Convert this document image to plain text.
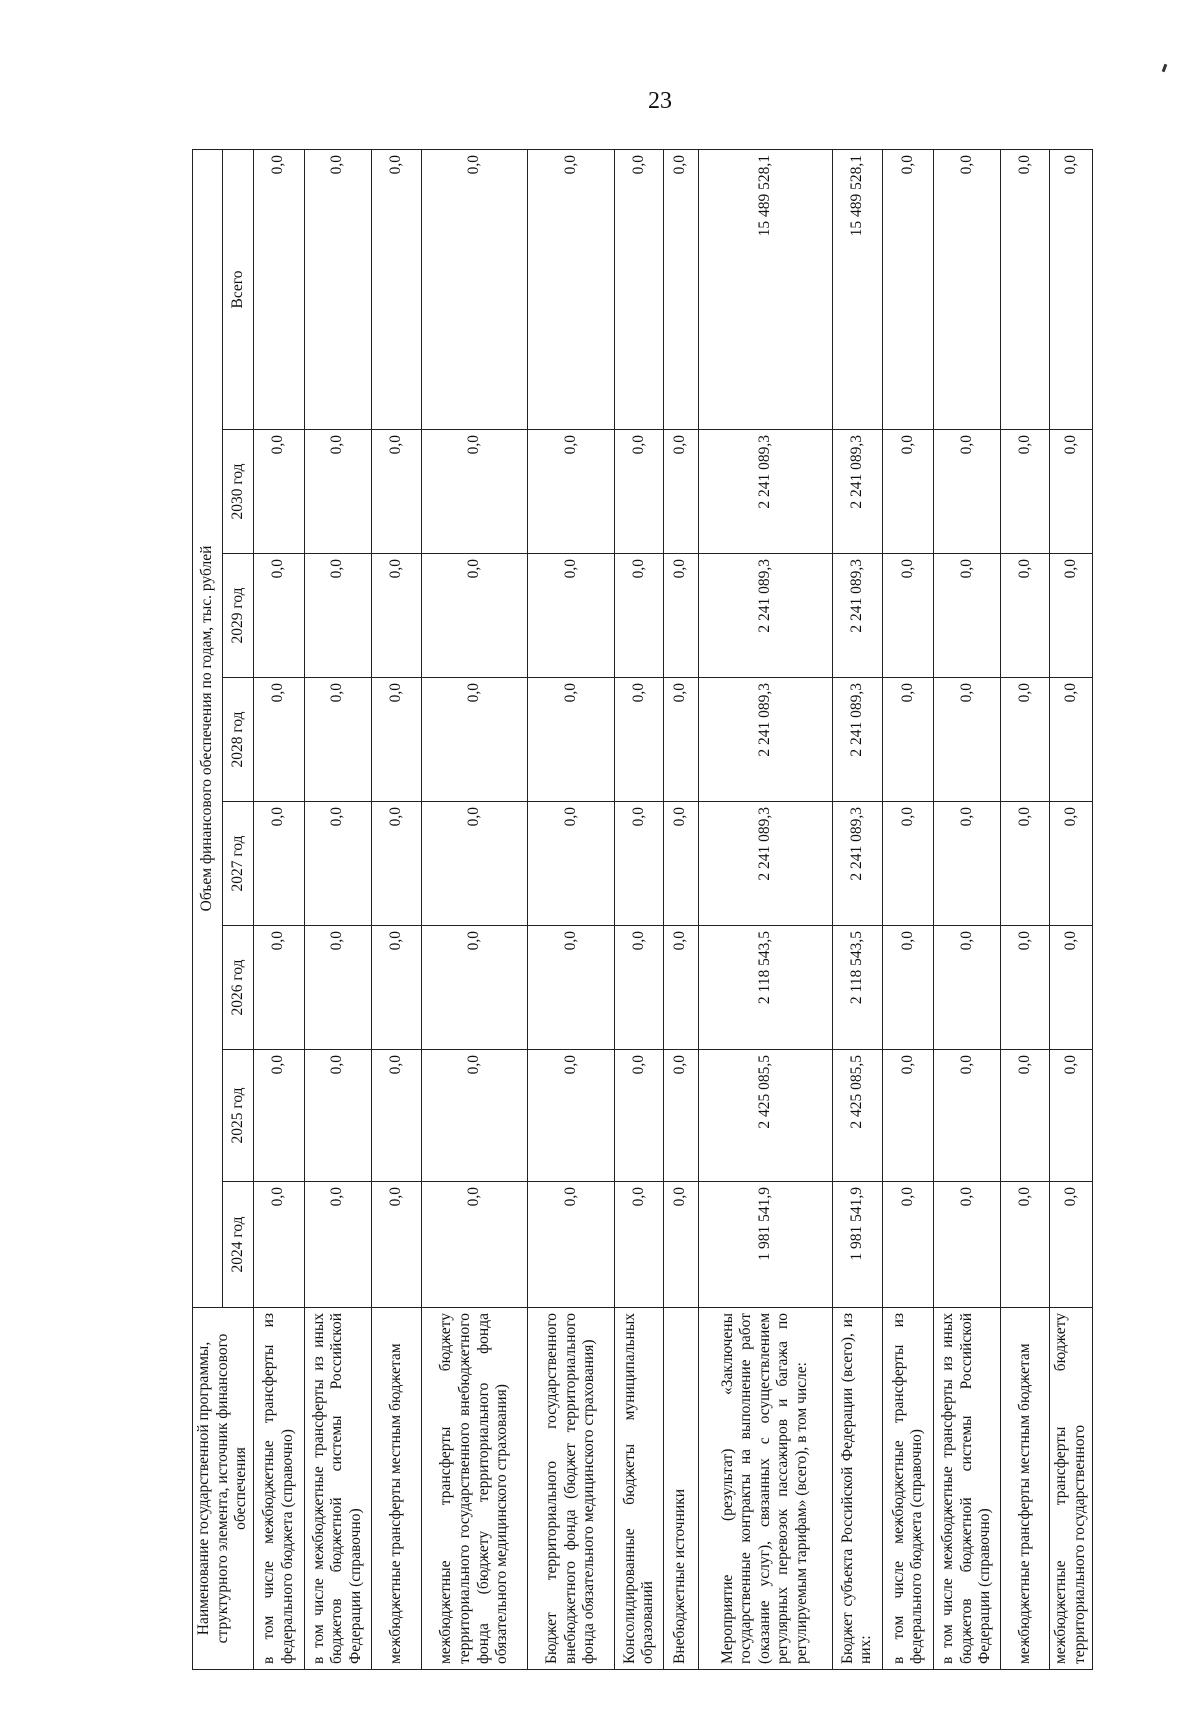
23
Наименование государственной программы, структурного элемента, источник финансового обеспечения	Объем финансового обеспечения по годам, тыс. рублей							
	2024 год	2025 год	2026 год	2027 год	2028 год	2029 год	2030 год	Всего
в том числе межбюджетные трансферты из федерального бюджета (справочно)	0,0	0,0	0,0	0,0	0,0	0,0	0,0	0,0
в том числе межбюджетные трансферты из иных бюджетов бюджетной системы Российской Федерации (справочно)	0,0	0,0	0,0	0,0	0,0	0,0	0,0	0,0
межбюджетные трансферты местным бюджетам	0,0	0,0	0,0	0,0	0,0	0,0	0,0	0,0
межбюджетные трансферты бюджету территориального государственного внебюджетного фонда (бюджету территориального фонда обязательного медицинского страхования)	0,0	0,0	0,0	0,0	0,0	0,0	0,0	0,0
Бюджет территориального государственного внебюджетного фонда (бюджет территориального фонда обязательного медицинского страхования)	0,0	0,0	0,0	0,0	0,0	0,0	0,0	0,0
Консолидированные бюджеты муниципальных образований	0,0	0,0	0,0	0,0	0,0	0,0	0,0	0,0
Внебюджетные источники	0,0	0,0	0,0	0,0	0,0	0,0	0,0	0,0
Мероприятие (результат) «Заключены государственные контракты на выполнение работ (оказание услуг), связанных с осуществлением регулярных перевозок пассажиров и багажа по регулируемым тарифам» (всего), в том числе:	1 981 541,9	2 425 085,5	2 118 543,5	2 241 089,3	2 241 089,3	2 241 089,3	2 241 089,3	15 489 528,1
Бюджет субъекта Российской Федерации (всего), из них:	1 981 541,9	2 425 085,5	2 118 543,5	2 241 089,3	2 241 089,3	2 241 089,3	2 241 089,3	15 489 528,1
в том числе межбюджетные трансферты из федерального бюджета (справочно)	0,0	0,0	0,0	0,0	0,0	0,0	0,0	0,0
в том числе межбюджетные трансферты из иных бюджетов бюджетной системы Российской Федерации (справочно)	0,0	0,0	0,0	0,0	0,0	0,0	0,0	0,0
межбюджетные трансферты местным бюджетам	0,0	0,0	0,0	0,0	0,0	0,0	0,0	0,0
межбюджетные трансферты бюджету территориального государственного	0,0	0,0	0,0	0,0	0,0	0,0	0,0	0,0
